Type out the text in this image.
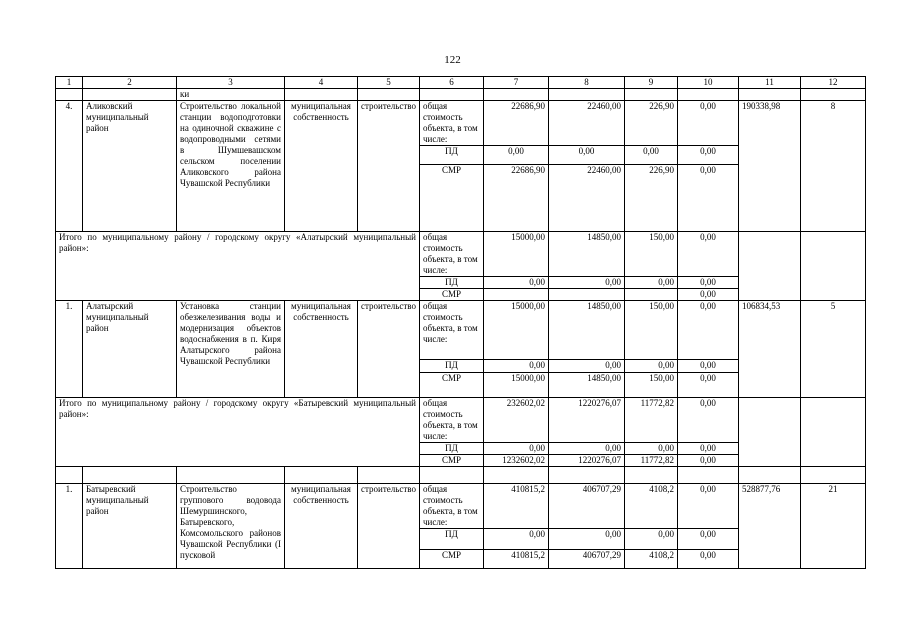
122
1	2	3	4	5	6	7	8	9	10	11	12
		ки									
4.	Аликовский муниципальный район	Строительство локальной станции водоподготовки на одиночной скважине с водопроводными сетями в Шумшевашском сельском поселении Аликовского района Чувашской Республики	муниципальная собственность	строительство	общая стоимость объекта, в том числе:	22686,90	22460,00	226,90	0,00	190338,98	8
					ПД	0,00	0,00	0,00	0,00		
					СМР	22686,90	22460,00	226,90	0,00		
Итого по муниципальному району / городскому округу «Алатырский муниципальный район»:					общая стоимость объекта, в том числе:	15000,00	14850,00	150,00	0,00		
					ПД	0,00	0,00	0,00	0,00		
					СМР				0,00		
1.	Алатырский муниципальный район	Установка станции обезжелезивания воды и модернизация объектов водоснабжения в п. Киря Алатырского района Чувашской Республики	муниципальная собственность	строительство	общая стоимость объекта, в том числе:	15000,00	14850,00	150,00	0,00	106834,53	5
					ПД	0,00	0,00	0,00	0,00		
					СМР	15000,00	14850,00	150,00	0,00		
Итого по муниципальному району / городскому округу «Батыревский муниципальный район»:					общая стоимость объекта, в том числе:	232602,02	1220276,07	11772,82	0,00		
					ПД	0,00	0,00	0,00	0,00		
					СМР	1232602,02	1220276,07	11772,82	0,00		

1.	Батыревский муниципальный район	Строительство группового водовода Шемуршинского, Батыревского, Комсомольского районов Чувашской Республики (I пусковой	муниципальная собственность	строительство	общая стоимость объекта, в том числе:	410815,2	406707,29	4108,2	0,00	528877,76	21
					ПД	0,00	0,00	0,00	0,00		
					СМР	410815,2	406707,29	4108,2	0,00		
